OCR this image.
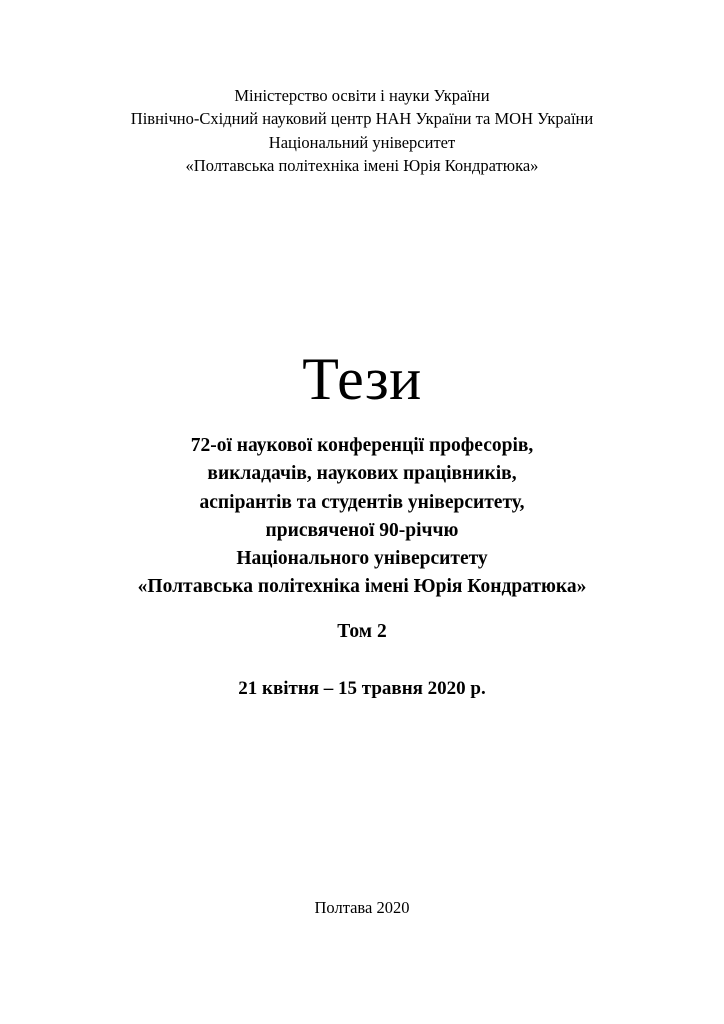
Міністерство освіти і науки України
Північно-Східний науковий центр НАН України та МОН України
Національний університет
«Полтавська політехніка імені Юрія Кондратюка»
Тези
72-ої наукової конференції професорів,
викладачів, наукових працівників,
аспірантів та студентів університету,
присвяченої 90-річчю
Національного університету
«Полтавська політехніка імені Юрія Кондратюка»
Том 2
21 квітня – 15 травня 2020 р.
Полтава 2020
